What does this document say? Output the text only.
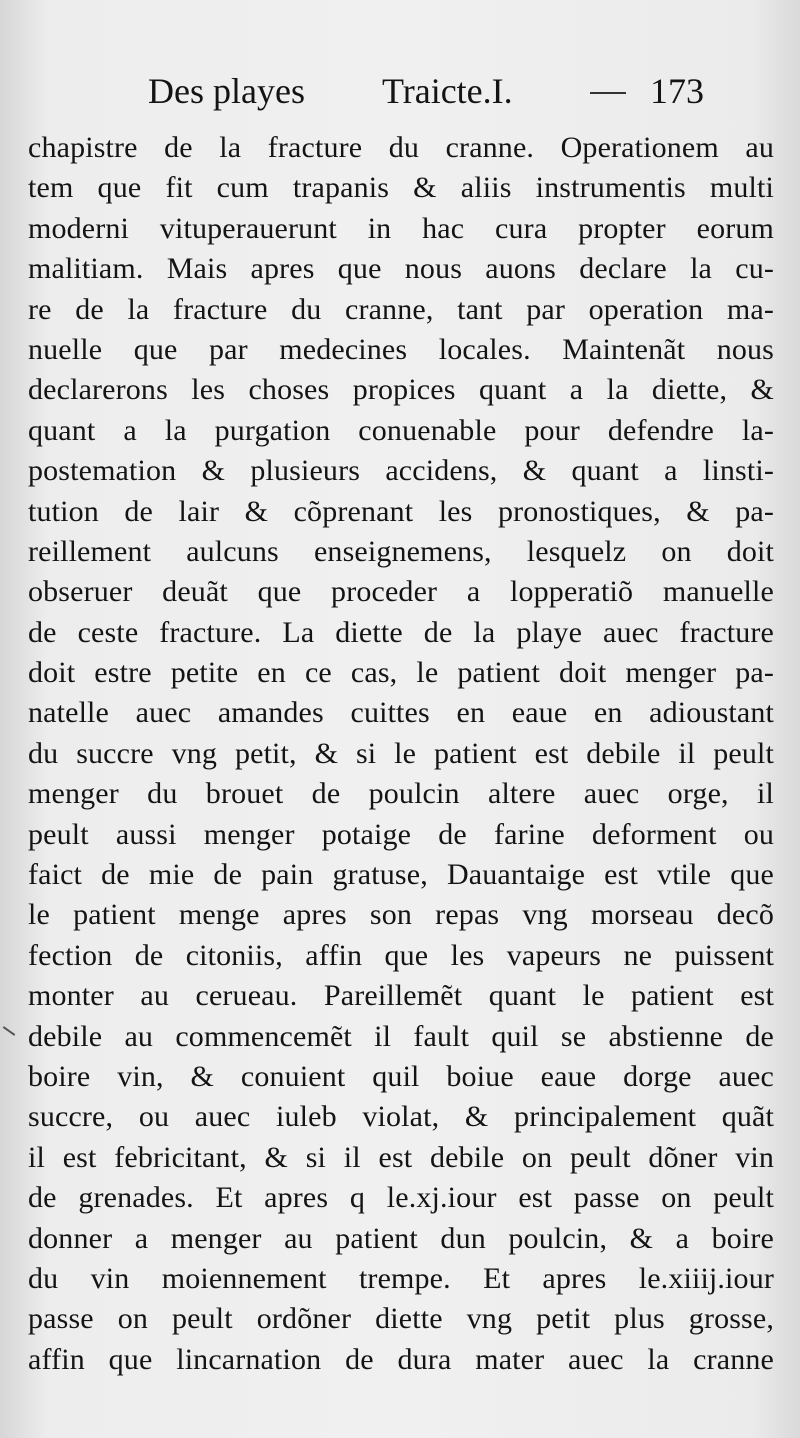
Des playes Traicte.I.	173
chapistre de la fracture du cranne. Operationem au
tem que fit cum trapanis & aliis instrumentis multi
moderni vituperauerunt in hac cura propter eorum
malitiam. Mais apres que nous auons declare la cu-
re de la fracture du cranne, tant par operation ma-
nuelle que par medecines locales. Maintenãt nous
declarerons les choses propices quant a la diette, &
quant a la purgation conuenable pour defendre la-
postemation & plusieurs accidens, & quant a linsti-
tution de lair & cõprenant les pronostiques, & pa-
reillement aulcuns enseignemens, lesquelz on doit
obseruer deuãt que proceder a lopperatiõ manuelle
de ceste fracture. La diette de la playe auec fracture
doit estre petite en ce cas, le patient doit menger pa-
natelle auec amandes cuittes en eaue en adioustant
du succre vng petit, & si le patient est debile il peult
menger du brouet de poulcin altere auec orge, il
peult aussi menger potaige de farine deforment ou
faict de mie de pain gratuse, Dauantaige est vtile que
le patient menge apres son repas vng morseau decõ
fection de citoniis, affin que les vapeurs ne puissent
monter au cerueau. Pareillemẽt quant le patient est
debile au commencemẽt il fault quil se abstienne de
boire vin, & conuient quil boiue eaue dorge auec
succre, ou auec iuleb violat, & principalement quãt
il est febricitant, & si il est debile on peult dõner vin
de grenades. Et apres q le.xj.iour est passe on peult
donner a menger au patient dun poulcin, & a boire
du vin moiennement trempe. Et apres le.xiiij.iour
passe on peult ordõner diette vng petit plus grosse,
affin que lincarnation de dura mater auec la cranne
